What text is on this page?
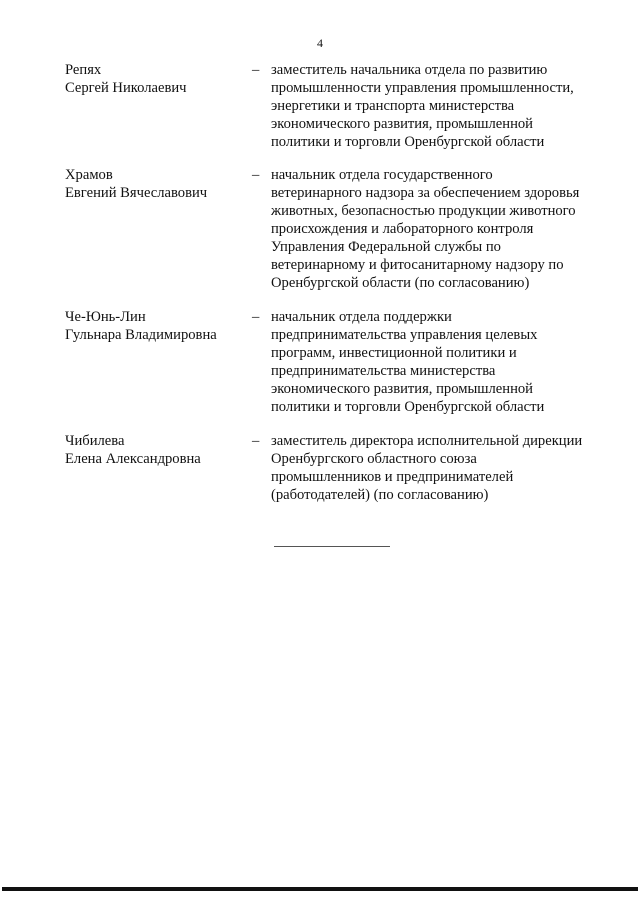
4
Репях
Сергей Николаевич
– заместитель начальника отдела по развитию
промышленности управления промышленности,
энергетики и транспорта министерства
экономического развития, промышленной
политики и торговли Оренбургской области
Храмов
Евгений Вячеславович
– начальник отдела государственного
ветеринарного надзора за обеспечением здоровья
животных, безопасностью продукции животного
происхождения и лабораторного контроля
Управления Федеральной службы по
ветеринарному и фитосанитарному надзору по
Оренбургской области (по согласованию)
Че-Юнь-Лин
Гульнара Владимировна
– начальник отдела поддержки
предпринимательства управления целевых
программ, инвестиционной политики и
предпринимательства министерства
экономического развития, промышленной
политики и торговли Оренбургской области
Чибилева
Елена Александровна
– заместитель директора исполнительной дирекции
Оренбургского областного союза
промышленников и предпринимателей
(работодателей) (по согласованию)
